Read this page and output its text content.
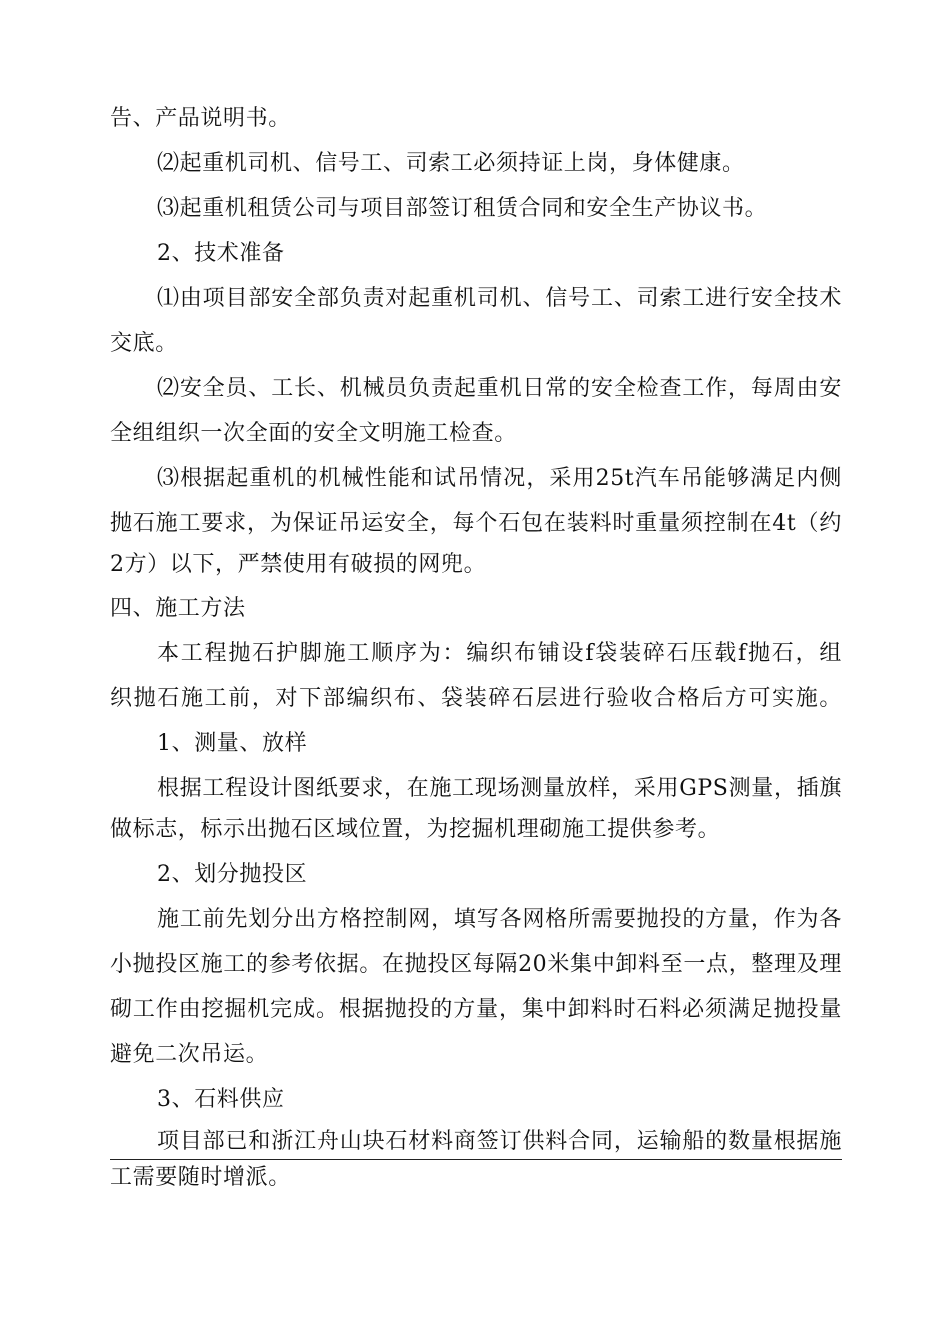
告、产品说明书。
⑵起重机司机、信号工、司索工必须持证上岗，身体健康。
⑶起重机租赁公司与项目部签订租赁合同和安全生产协议书。
2、技术准备
⑴由项目部安全部负责对起重机司机、信号工、司索工进行安全技术
交底。
⑵安全员、工长、机械员负责起重机日常的安全检查工作，每周由安
全组组织一次全面的安全文明施工检查。
⑶根据起重机的机械性能和试吊情况，采用25t汽车吊能够满足内侧
抛石施工要求，为保证吊运安全，每个石包在装料时重量须控制在4t（约
2方）以下，严禁使用有破损的网兜。
四、施工方法
本工程抛石护脚施工顺序为：编织布铺设f袋装碎石压载f抛石，组
织抛石施工前，对下部编织布、袋装碎石层进行验收合格后方可实施。
1、测量、放样
根据工程设计图纸要求，在施工现场测量放样，采用GPS测量，插旗
做标志，标示出抛石区域位置，为挖掘机理砌施工提供参考。
2、划分抛投区
施工前先划分出方格控制网，填写各网格所需要抛投的方量，作为各
小抛投区施工的参考依据。在抛投区每隔20米集中卸料至一点，整理及理
砌工作由挖掘机完成。根据抛投的方量，集中卸料时石料必须满足抛投量
避免二次吊运。
3、石料供应
项目部已和浙江舟山块石材料商签订供料合同，运输船的数量根据施
工需要随时增派。
